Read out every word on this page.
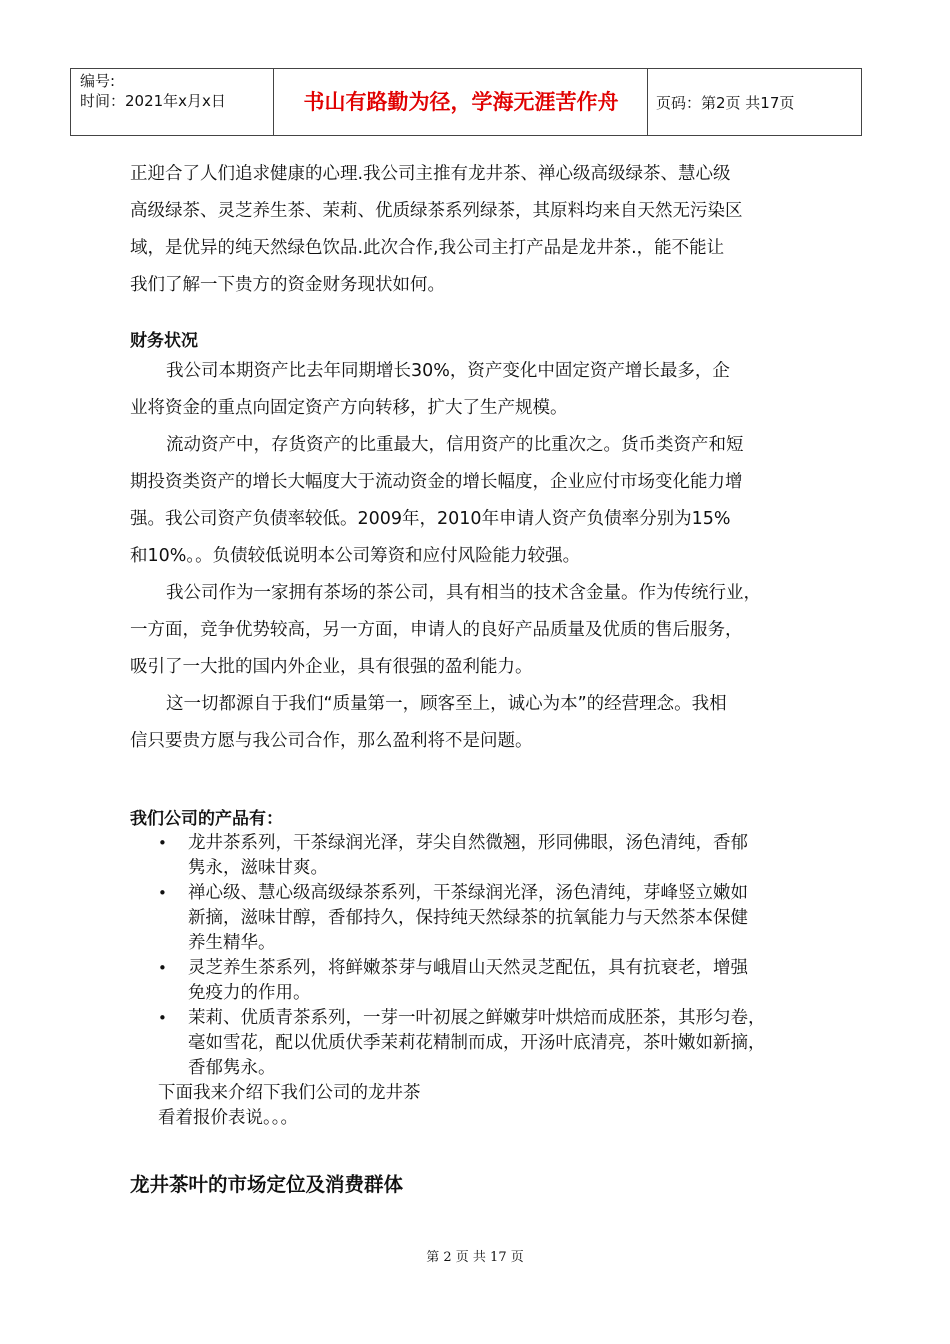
编号:
时间：2021年x月x日	书山有路勤为径，学海无涯苦作舟	页码：第2页 共17页

正迎合了人们追求健康的心理.我公司主推有龙井茶、禅心级高级绿茶、慧心级

高级绿茶、灵芝养生茶、茉莉、优质绿茶系列绿茶，其原料均来自天然无污染区

域，是优异的纯天然绿色饮品.此次合作,我公司主打产品是龙井茶.，能不能让

我们了解一下贵方的资金财务现状如何。

财务状况

我公司本期资产比去年同期增长30%，资产变化中固定资产增长最多，企

业将资金的重点向固定资产方向转移，扩大了生产规模。

流动资产中，存货资产的比重最大，信用资产的比重次之。货币类资产和短

期投资类资产的增长大幅度大于流动资金的增长幅度，企业应付市场变化能力增

强。我公司资产负债率较低。2009年，2010年申请人资产负债率分别为15%

和10%。。负债较低说明本公司筹资和应付风险能力较强。

我公司作为一家拥有茶场的茶公司，具有相当的技术含金量。作为传统行业，

一方面，竞争优势较高，另一方面，申请人的良好产品质量及优质的售后服务，

吸引了一大批的国内外企业，具有很强的盈利能力。

这一切都源自于我们“质量第一，顾客至上，诚心为本”的经营理念。我相

信只要贵方愿与我公司合作，那么盈利将不是问题。

我们公司的产品有：
• 龙井茶系列，干茶绿润光泽，芽尖自然微翘，形同佛眼，汤色清纯，香郁

隽永，滋味甘爽。

• 禅心级、慧心级高级绿茶系列，干茶绿润光泽，汤色清纯，芽峰竖立嫩如

新摘，滋味甘醇，香郁持久，保持纯天然绿茶的抗氧能力与天然茶本保健

养生精华。

• 灵芝养生茶系列，将鲜嫩茶芽与峨眉山天然灵芝配伍，具有抗衰老，增强

免疫力的作用。

• 茉莉、优质青茶系列，一芽一叶初展之鲜嫩芽叶烘焙而成胚茶，其形匀卷，

毫如雪花，配以优质伏季茉莉花精制而成，开汤叶底清亮，茶叶嫩如新摘，

香郁隽永。

下面我来介绍下我们公司的龙井茶

看着报价表说。。。

龙井茶叶的市场定位及消费群体
第 2 页 共 17 页
